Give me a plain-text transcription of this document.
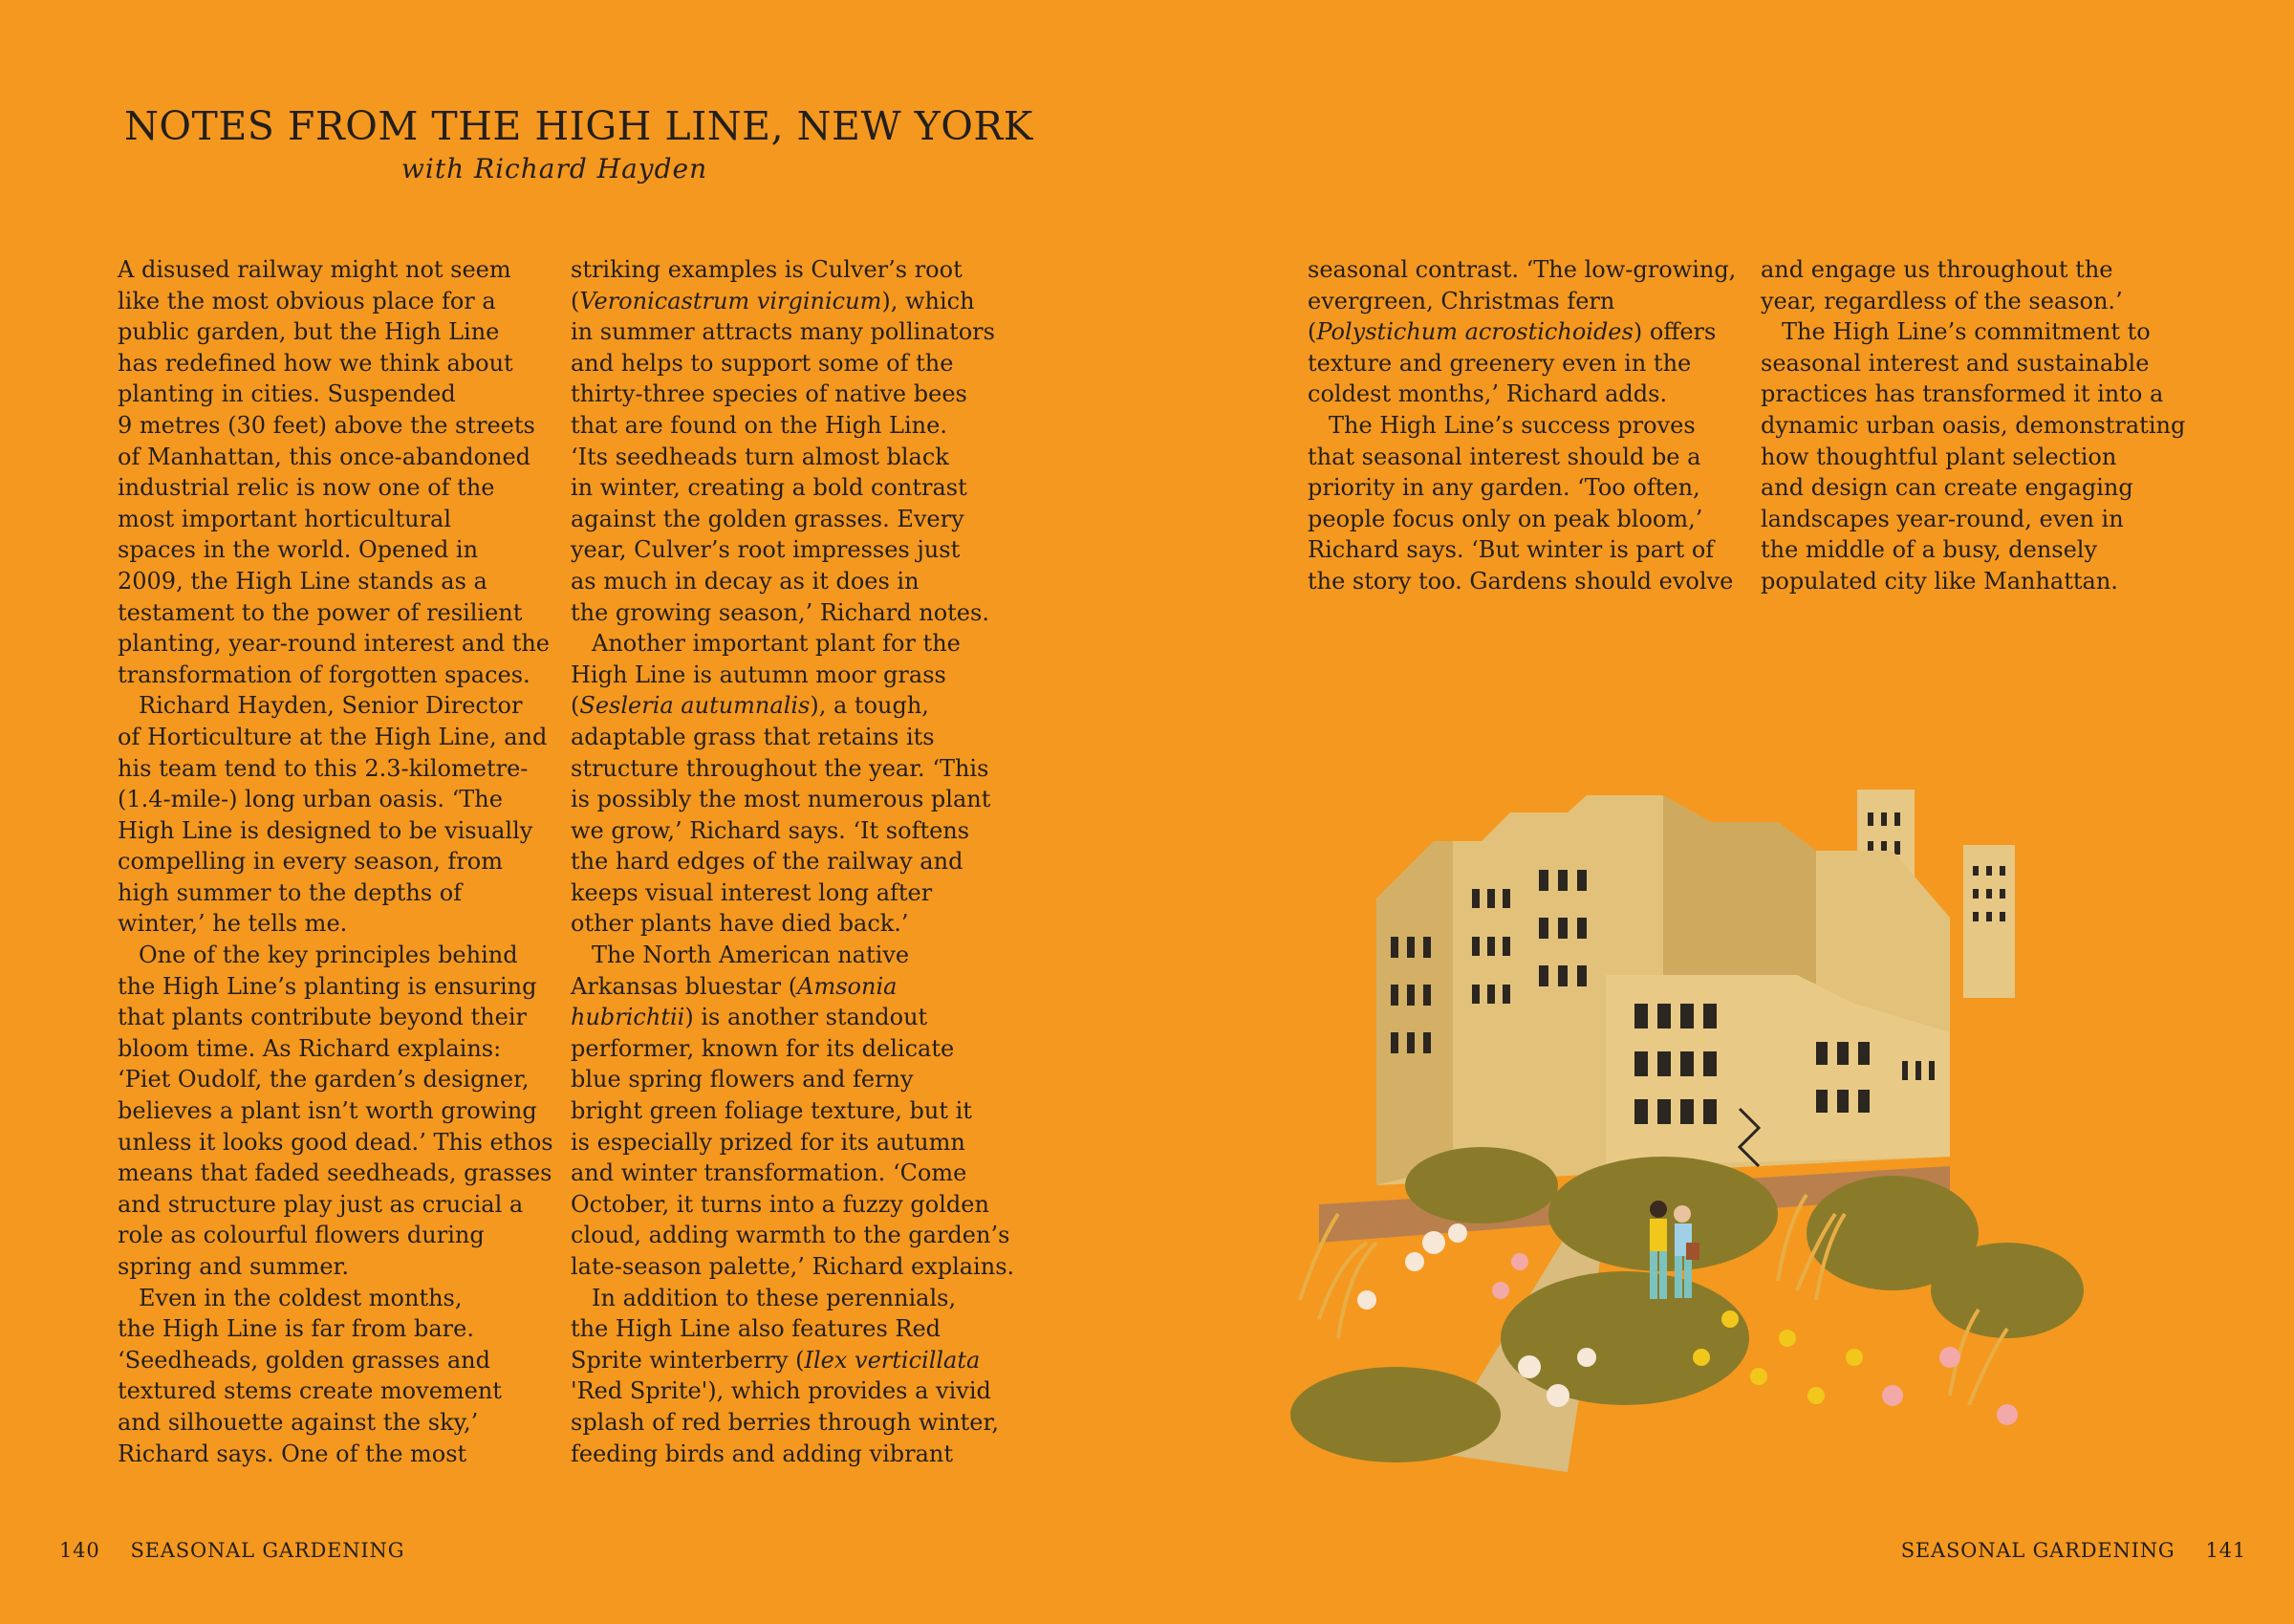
NOTES FROM THE HIGH LINE, NEW YORK

with Richard Hayden

A disused railway might not seem
like the most obvious place for a
public garden, but the High Line
has redefined how we think about
planting in cities. Suspended
9 metres (30 feet) above the streets
of Manhattan, this once-abandoned
industrial relic is now one of the
most important horticultural
spaces in the world. Opened in
2009, the High Line stands as a
testament to the power of resilient
planting, year-round interest and the
transformation of forgotten spaces.
Richard Hayden, Senior Director
of Horticulture at the High Line, and
his team tend to this 2.3-kilometre-
(1.4-mile-) long urban oasis. ‘The
High Line is designed to be visually
compelling in every season, from
high summer to the depths of
winter,’ he tells me.
One of the key principles behind
the High Line’s planting is ensuring
that plants contribute beyond their
bloom time. As Richard explains:
‘Piet Oudolf, the garden’s designer,
believes a plant isn’t worth growing
unless it looks good dead.’ This ethos
means that faded seedheads, grasses
and structure play just as crucial a
role as colourful flowers during
spring and summer.
Even in the coldest months,
the High Line is far from bare.
‘Seedheads, golden grasses and
textured stems create movement
and silhouette against the sky,’
Richard says. One of the most
striking examples is Culver’s root
(Veronicastrum virginicum), which
in summer attracts many pollinators
and helps to support some of the
thirty-three species of native bees
that are found on the High Line.
‘Its seedheads turn almost black
in winter, creating a bold contrast
against the golden grasses. Every
year, Culver’s root impresses just
as much in decay as it does in
the growing season,’ Richard notes.
Another important plant for the
High Line is autumn moor grass
(Sesleria autumnalis), a tough,
adaptable grass that retains its
structure throughout the year. ‘This
is possibly the most numerous plant
we grow,’ Richard says. ‘It softens
the hard edges of the railway and
keeps visual interest long after
other plants have died back.’
The North American native
Arkansas bluestar (Amsonia
hubrichtii) is another standout
performer, known for its delicate
blue spring flowers and ferny
bright green foliage texture, but it
is especially prized for its autumn
and winter transformation. ‘Come
October, it turns into a fuzzy golden
cloud, adding warmth to the garden’s
late-season palette,’ Richard explains.
In addition to these perennials,
the High Line also features Red
Sprite winterberry (Ilex verticillata
'Red Sprite'), which provides a vivid
splash of red berries through winter,
feeding birds and adding vibrant
seasonal contrast. ‘The low-growing,
evergreen, Christmas fern
(Polystichum acrostichoides) offers
texture and greenery even in the
coldest months,’ Richard adds.
The High Line’s success proves
that seasonal interest should be a
priority in any garden. ‘Too often,
people focus only on peak bloom,’
Richard says. ‘But winter is part of
the story too. Gardens should evolve
and engage us throughout the
year, regardless of the season.’
The High Line’s commitment to
seasonal interest and sustainable
practices has transformed it into a
dynamic urban oasis, demonstrating
how thoughtful plant selection
and design can create engaging
landscapes year-round, even in
the middle of a busy, densely
populated city like Manhattan.
140 SEASONAL GARDENING	SEASONAL GARDENING 141
